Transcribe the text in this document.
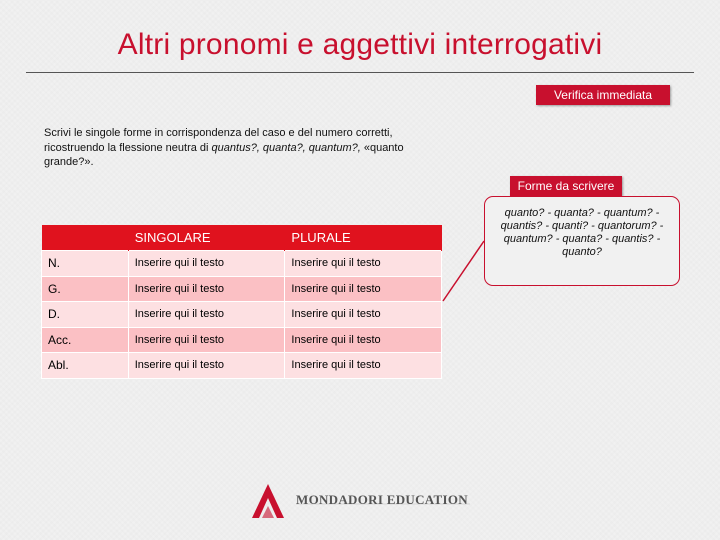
Altri pronomi e aggettivi interrogativi
Verifica immediata
Scrivi le singole forme in corrispondenza del caso e del numero corretti, ricostruendo la flessione neutra di quantus?, quanta?, quantum?, «quanto grande?».
Forme da scrivere
quanto? - quanta? - quantum? - quantis? - quanti? - quantorum? - quantum? - quanta? - quantis? - quanto?
	SINGOLARE	PLURALE
N.	Inserire qui il testo	Inserire qui il testo
G.	Inserire qui il testo	Inserire qui il testo
D.	Inserire qui il testo	Inserire qui il testo
Acc.	Inserire qui il testo	Inserire qui il testo
Abl.	Inserire qui il testo	Inserire qui il testo
MONDADORI EDUCATION
